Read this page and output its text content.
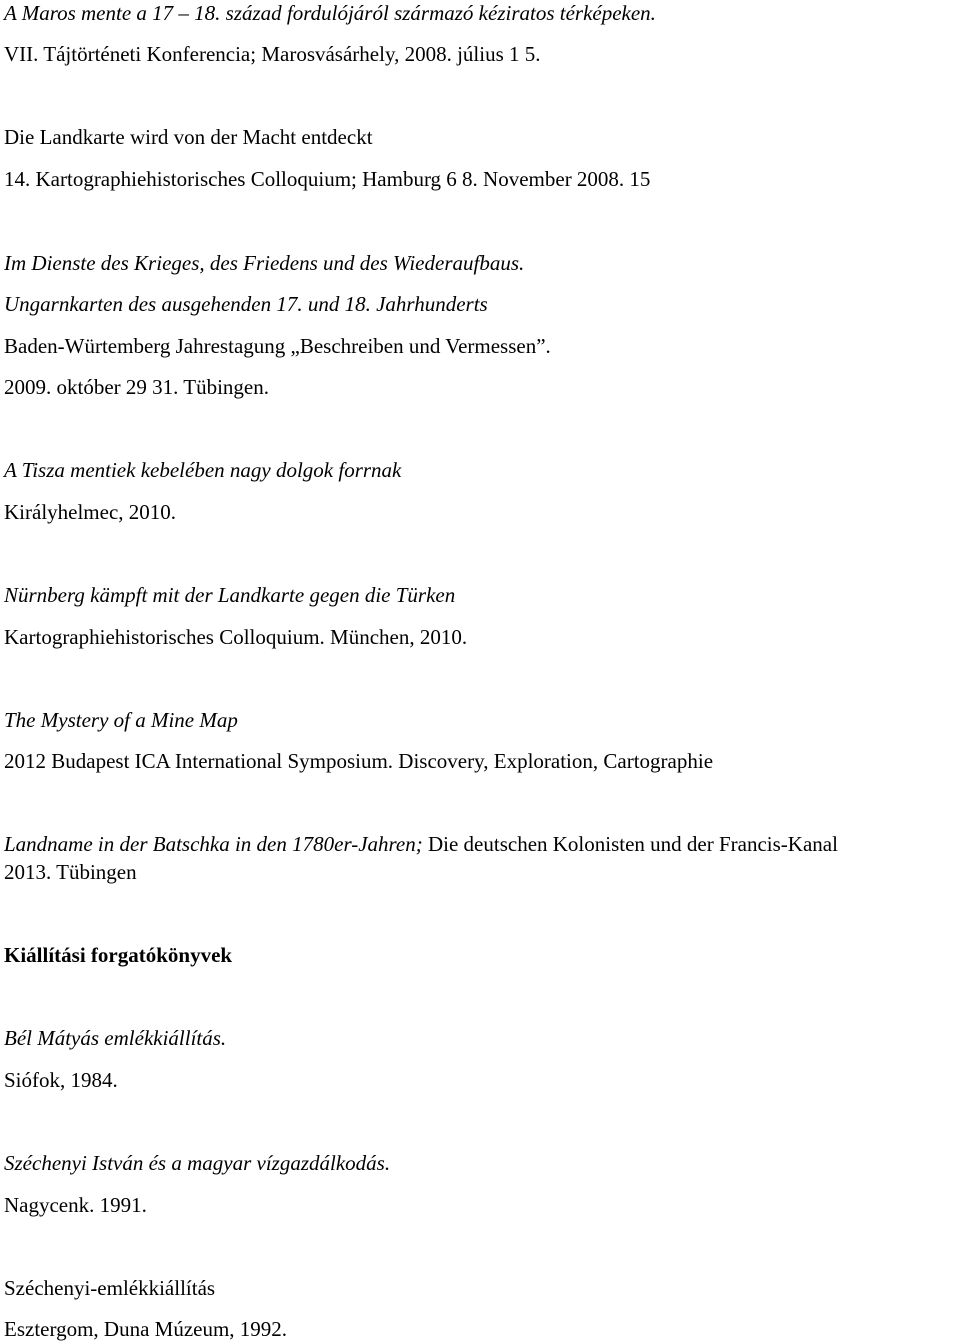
A Maros mente a 17 – 18. század fordulójáról származó kéziratos térképeken.
VII. Tájtörténeti Konferencia; Marosvásárhely, 2008. július 1 5.
Die Landkarte wird von der Macht entdeckt
14. Kartographiehistorisches Colloquium; Hamburg 6 8. November 2008. 15
Im Dienste des Krieges, des Friedens und des Wiederaufbaus.
Ungarnkarten des ausgehenden 17. und 18. Jahrhunderts
Baden-Würtemberg Jahrestagung „Beschreiben und Vermessen”.
2009. október 29 31. Tübingen.
A Tisza mentiek kebelében nagy dolgok forrnak
Királyhelmec, 2010.
Nürnberg kämpft mit der Landkarte gegen die Türken
Kartographiehistorisches Colloquium. München, 2010.
The Mystery of a Mine Map
2012 Budapest ICA International Symposium. Discovery, Exploration, Cartographie
Landname in der Batschka in den 1780er-Jahren; Die deutschen Kolonisten und der Francis-Kanal
2013. Tübingen
Kiállítási forgatókönyvek
Bél Mátyás emlékkiállítás.
Siófok, 1984.
Széchenyi István és a magyar vízgazdálkodás.
Nagycenk. 1991.
Széchenyi-emlékkiállítás
Esztergom, Duna Múzeum, 1992.
